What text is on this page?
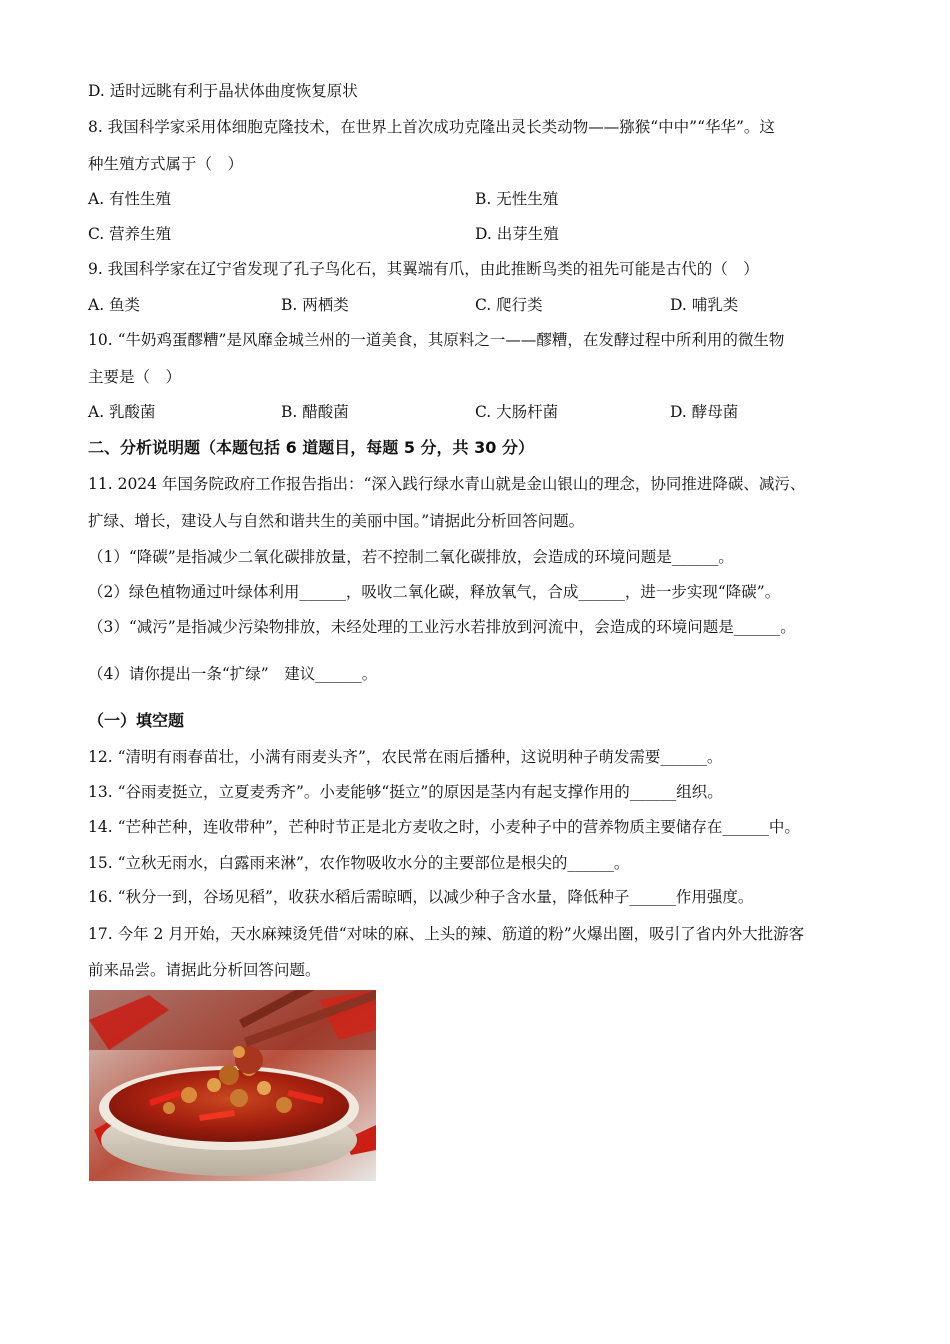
D. 适时远眺有利于晶状体曲度恢复原状
8. 我国科学家采用体细胞克隆技术，在世界上首次成功克隆出灵长类动物——猕猴“中中”“华华”。这
种生殖方式属于（　）
A. 有性生殖	B. 无性生殖
C. 营养生殖	D. 出芽生殖
9. 我国科学家在辽宁省发现了孔子鸟化石，其翼端有爪，由此推断鸟类的祖先可能是古代的（　）
A. 鱼类	B. 两栖类	C. 爬行类	D. 哺乳类
10. “牛奶鸡蛋醪糟”是风靡金城兰州的一道美食，其原料之一——醪糟，在发酵过程中所利用的微生物
主要是（　）
A. 乳酸菌	B. 醋酸菌	C. 大肠杆菌	D. 酵母菌
二、分析说明题（本题包括 6 道题目，每题 5 分，共 30 分）
11. 2024 年国务院政府工作报告指出：“深入践行绿水青山就是金山银山的理念，协同推进降碳、减污、
扩绿、增长，建设人与自然和谐共生的美丽中国。”请据此分析回答问题。
（1）“降碳”是指减少二氧化碳排放量，若不控制二氧化碳排放，会造成的环境问题是______。
（2）绿色植物通过叶绿体利用______，吸收二氧化碳，释放氧气，合成______，进一步实现“降碳”。
（3）“减污”是指减少污染物排放，未经处理的工业污水若排放到河流中，会造成的环境问题是______。
（4）请你提出一条“扩绿”　建议______。
（一）填空题
12. “清明有雨春苗壮，小满有雨麦头齐”，农民常在雨后播种，这说明种子萌发需要______。
13. “谷雨麦挺立，立夏麦秀齐”。小麦能够“挺立”的原因是茎内有起支撑作用的______组织。
14. “芒种芒种，连收带种”，芒种时节正是北方麦收之时，小麦种子中的营养物质主要储存在______中。
15. “立秋无雨水，白露雨来淋”，农作物吸收水分的主要部位是根尖的______。
16. “秋分一到，谷场见稻”，收获水稻后需晾晒，以减少种子含水量，降低种子______作用强度。
17. 今年 2 月开始，天水麻辣烫凭借“对味的麻、上头的辣、筋道的粉”火爆出圈，吸引了省内外大批游客
前来品尝。请据此分析回答问题。
